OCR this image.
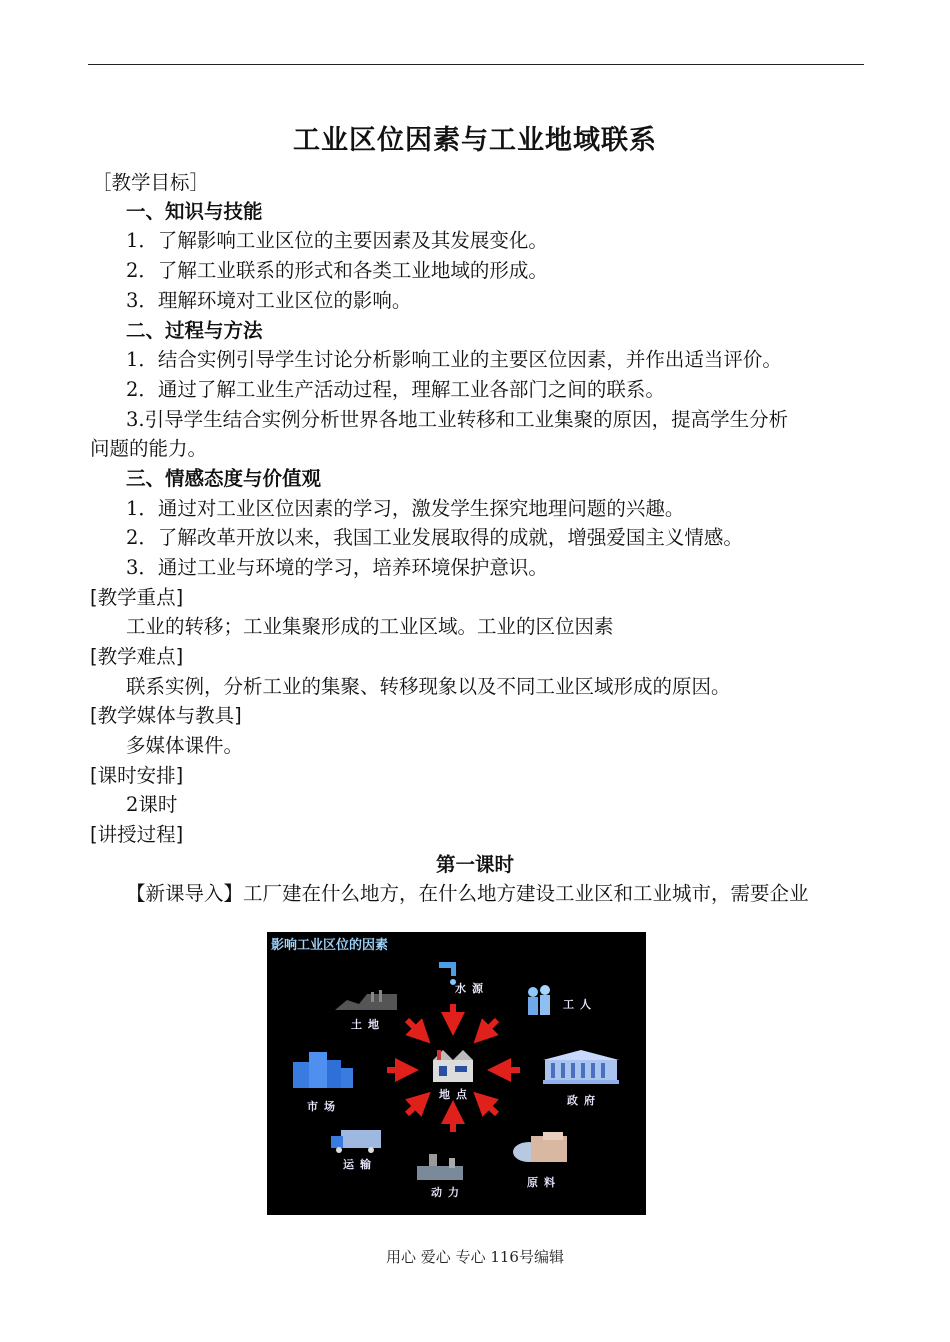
工业区位因素与工业地域联系
［教学目标］
一、知识与技能
1．了解影响工业区位的主要因素及其发展变化。
2．了解工业联系的形式和各类工业地域的形成。
3．理解环境对工业区位的影响。
二、过程与方法
1．结合实例引导学生讨论分析影响工业的主要区位因素，并作出适当评价。
2．通过了解工业生产活动过程，理解工业各部门之间的联系。
3.引导学生结合实例分析世界各地工业转移和工业集聚的原因，提高学生分析
问题的能力。
三、情感态度与价值观
1．通过对工业区位因素的学习，激发学生探究地理问题的兴趣。
2．了解改革开放以来，我国工业发展取得的成就，增强爱国主义情感。
3．通过工业与环境的学习，培养环境保护意识。
[教学重点]
工业的转移；工业集聚形成的工业区域。工业的区位因素
[教学难点]
联系实例，分析工业的集聚、转移现象以及不同工业区域形成的原因。
[教学媒体与教具]
多媒体课件。
[课时安排]
2课时
[讲授过程]
第一课时
【新课导入】工厂建在什么地方，在什么地方建设工业区和工业城市，需要企业
影响工业区位的因素
水源
工人
土地
地点
市场	政府
运输
原料
动力
用心 爱心 专心 116号编辑
